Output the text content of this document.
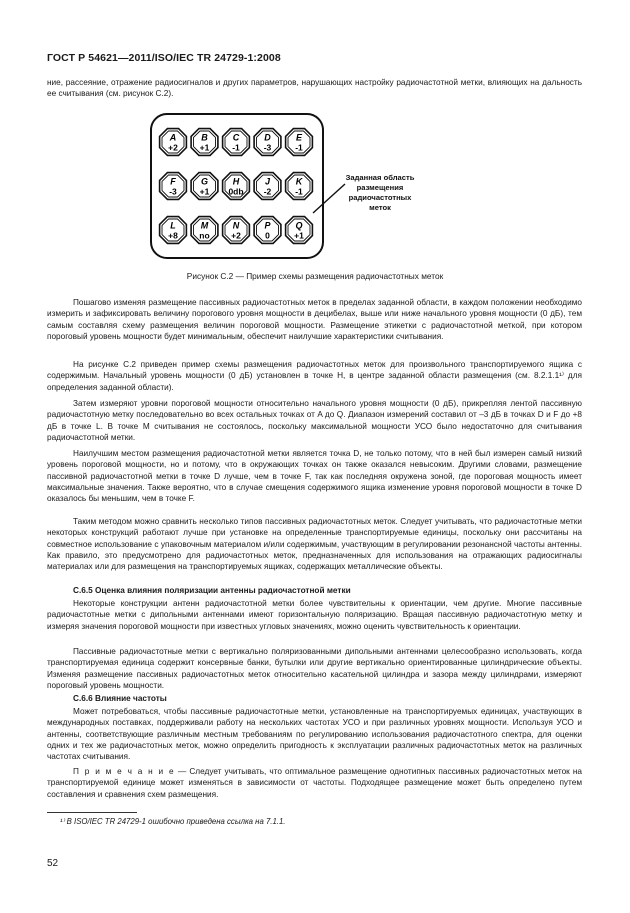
ГОСТ Р 54621—2011/ISO/IEC TR 24729-1:2008

ние, рассеяние, отражение радиосигналов и других параметров, нарушающих настройку радиочастотной метки, влияющих на дальность ее считывания (см. рисунок С.2).

A
+2
B
+1
C
-1
D
-3
E
-1
F
-3
G
+1
H
0db
J
-2
K
-1
L
+8
M
no
N
+2
P
0
Q
+1
Заданная область
размещения
радиочастотных
меток
Рисунок С.2 — Пример схемы размещения радиочастотных меток

Пошагово изменяя размещение пассивных радиочастотных меток в пределах заданной области, в каждом положении необходимо измерить и зафиксировать величину порогового уровня мощности в децибелах, выше или ниже начального уровня мощности (0 дБ), тем самым составляя схему размещения величин пороговой мощности. Размещение этикетки с радиочастотной меткой, при котором пороговый уровень мощности будет минимальным, обеспечит наилучшие характеристики считывания.

На рисунке С.2 приведен пример схемы размещения радиочастотных меток для произвольного транспортируемого ящика с содержимым. Начальный уровень мощности (0 дБ) установлен в точке H, в центре заданной области размещения (см. 8.2.1.1¹⁾ для определения заданной области).

Затем измеряют уровни пороговой мощности относительно начального уровня мощности (0 дБ), прикрепляя лентой пассивную радиочастотную метку последовательно во всех остальных точках от A до Q. Диапазон измерений составил от –3 дБ в точках D и F до +8 дБ в точке L. В точке M считывания не состоялось, поскольку максимальной мощности УСО было недостаточно для считывания радиочастотной метки.

Наилучшим местом размещения радиочастотной метки является точка D, не только потому, что в ней был измерен самый низкий уровень пороговой мощности, но и потому, что в окружающих точках он также оказался невысоким. Другими словами, размещение пассивной радиочастотной метки в точке D лучше, чем в точке F, так как последняя окружена зоной, где пороговая мощность имеет максимальные значения. Также вероятно, что в случае смещения содержимого ящика изменение уровня пороговой мощности в точке D оказалось бы меньшим, чем в точке F.

Таким методом можно сравнить несколько типов пассивных радиочастотных меток. Следует учитывать, что радиочастотные метки некоторых конструкций работают лучше при установке на определенные транспортируемые единицы, поскольку они рассчитаны на совместное использование с упаковочным материалом и/или содержимым, участвующим в регулировании резонансной частоты антенны. Как правило, это предусмотрено для радиочастотных меток, предназначенных для использования на отражающих радиосигналы материалах или для размещения на транспортируемых ящиках, содержащих металлические объекты.

С.6.5 Оценка влияния поляризации антенны радиочастотной метки

Некоторые конструкции антенн радиочастотной метки более чувствительны к ориентации, чем другие. Многие пассивные радиочастотные метки с дипольными антеннами имеют горизонтальную поляризацию. Вращая пассивную радиочастотную метку и измеряя значения пороговой мощности при известных угловых значениях, можно оценить чувствительность к ориентации.

Пассивные радиочастотные метки с вертикально поляризованными дипольными антеннами целесообразно использовать, когда транспортируемая единица содержит консервные банки, бутылки или другие вертикально ориентированные цилиндрические объекты. Изменяя размещение пассивных радиочастотных меток относительно касательной цилиндра и зазора между цилиндрами, измеряют пороговый уровень мощности.

С.6.6 Влияние частоты

Может потребоваться, чтобы пассивные радиочастотные метки, установленные на транспортируемых единицах, участвующих в международных поставках, поддерживали работу на нескольких частотах УСО и при различных уровнях мощности. Используя УСО и антенны, соответствующие различным местным требованиям по регулированию использования радиочастотного спектра, для оценки одних и тех же радиочастотных меток, можно определить пригодность к эксплуатации различных радиочастотных меток на различных частотах считывания.

П р и м е ч а н и е — Следует учитывать, что оптимальное размещение однотипных пассивных радиочастотных меток на транспортируемой единице может изменяться в зависимости от частоты. Подходящее размещение может быть определено путем составления и сравнения схем размещения.

¹⁾ В ISO/IEC TR 24729-1 ошибочно приведена ссылка на 7.1.1.
52
